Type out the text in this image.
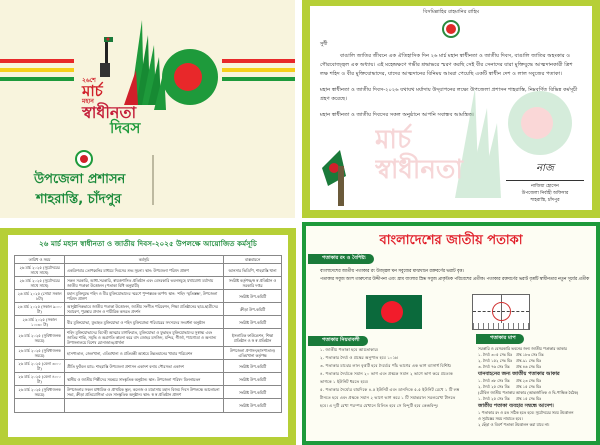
২৬শে
মার্চ
মহান
স্বাধীনতা
দিবস
উপজেলা প্রশাসন
শাহরাস্তি, চাঁদপুর
মার্চ
স্বাধীনতা
বিসমিল্লাহির রাহমানির রাহিম
সুধী

বাঙালি জাতির জীবনে এক ঐতিহাসিক দিন ২৬ মার্চ মহান স্বাধীনতা ও জাতীয় দিবস, বাঙালি জাতির অহংকার ও গৌরবোজ্জ্বল এক অধ্যায়। এই মহেন্দ্রক্ষণে গভীর শ্রদ্ধাভরে স্মরণ করছি সেই বীর সেনাদের যারা মুক্তিযুদ্ধে আত্মদানকারী ত্রিশ লক্ষ শহিদ ও বীর মুক্তিযোদ্ধাদের, যাদের আত্মদানের বিনিময় আমরা পেয়েছি একটি স্বাধীন দেশ ও লাল সবুজের পতাকা।

মহান স্বাধীনতা ও জাতীয় দিবস-২০২৬ যথাযথ মর্যাদায় উদ্‌যাপনের লক্ষ্যে উপজেলা প্রশাসন শাহরাস্তি, নিম্নবর্ণিত বিভিন্ন কর্মসূচী গ্রহণ করেছে।

মহান স্বাধীনতা ও জাতীয় দিবসের সকল অনুষ্ঠানে আপনি সবান্ধব আমন্ত্রিত।

নাজ
নাজিয়া হোসেন
উপজেলা নির্বাহী অফিসার
শাহরাস্তি, চাঁদপুর
২৬ মার্চ মহান স্বাধীনতা ও জাতীয় দিবস-২০২৫ উপলক্ষে আয়োজিত কর্মসূচি
তারিখ ও সময়	কর্মসূচি	বাস্তবায়নে
২৬ মার্চ ২০২৫ (সূর্যোদয়ের সাথে সাথে)	একত্রিশবার তোপধ্বনির মাধ্যমে দিবসের শুভ সূচনা। স্থান: উপজেলা পরিষদ প্রাঙ্গণ	আনসার ভিডিপি, শাহরাস্তি থানা
২৬ মার্চ ২০২৫ (সূর্যোদয়ের সাথে সাথে)	সকল সরকারি, আধা-সরকারি, স্বায়ত্তশাসিত প্রতিষ্ঠান এবং বেসরকারি ভবনসমূহে যথাযোগ্য মর্যাদায় জাতীয় পতাকা উত্তোলন (পতাকা বিধি অনুযায়ী)	সংশ্লিষ্ট কর্তৃপক্ষ/স্ব স্ব প্রতিষ্ঠান ও সরকারি দপ্তর
২৬ মার্চ ২০২৫ (সোয়া সকাল ৮টা)	মহান মুক্তিযুদ্ধে শহিদ ও বীর মুক্তিযোদ্ধাদের স্মরণে পুষ্পস্তবক অর্পণ। স্থান: 'শহিদ স্মৃতিস্তম্ভ', উপজেলা পরিষদ প্রাঙ্গণ	সংশ্লিষ্ট উপ-কমিটি
২৬ মার্চ ২০২৫ (সকাল ৯:০০ টা)	আনুষ্ঠানিকভাবে জাতীয় পতাকা উত্তোলন, জাতীয় সংগীত পরিবেশন, শিক্ষা প্রতিষ্ঠানের ছাত্র-ছাত্রীদের সমাবেশ, পুরস্কার প্রদান ও শারীরিক কসরত প্রদর্শন	ক্রীড়া উপ-কমিটি
২৬ মার্চ ২০২৫ (সকাল ১০:৩০ টা)	বীর মুক্তিযোদ্ধা, যুদ্ধাহত মুক্তিযোদ্ধা ও শহিদ মুক্তিযোদ্ধা পরিবারের সদস্যদের সংবর্ধনা অনুষ্ঠান	সংশ্লিষ্ট উপ-কমিটি
২৬ মার্চ ২০২৫ (সুবিধাজনক সময়ে)	শহিদ মুক্তিযোদ্ধাদের বিদেহী আত্মার মাগফিরাত, মুক্তিযোদ্ধা ও যুদ্ধাহত মুক্তিযোদ্ধাদের সুস্বাস্থ্য এবং জাতির শান্তি, সমৃদ্ধি ও অগ্রগতি কামনা করে বাদ জোহর মসজিদ, মন্দির, গীর্জা, প্যাগোডা ও অন্যান্য উপাসনালয়ে বিশেষ মোনাজাত/প্রার্থনা	ইসলামিক ফাউন্ডেশন, শিক্ষা প্রতিষ্ঠান ও স্ব স্ব প্রতিষ্ঠান
২৬ মার্চ ২০২৫ (সুবিধাজনক সময়ে)	হাসপাতাল, জেলখানা, এতিমখানা ও প্রতিবন্ধী আশ্রমে উন্নতমানের খাবার পরিবেশন	উপজেলা প্রশাসন/হাসপাতাল/এতিমখানা কর্তৃপক্ষ
২৬ মার্চ ২০২৫ (বেলা ৩:০০ টা)	প্রীতি ফুটবল ম্যাচ: শাহরাস্তি উপজেলা প্রশাসন একাদশ বনাম পৌরসভা একাদশ	সংশ্লিষ্ট উপ-কমিটি
২৬ মার্চ ২০২৫ (বেলা ৪:০০ টা)	স্থানীয় ও জাতীয় শিল্পীদের সমন্বয়ে সাংস্কৃতিক অনুষ্ঠান। স্থান: উপজেলা পরিষদ মিলনায়তন	সংশ্লিষ্ট উপ-কমিটি
২৬ মার্চ ২০২৫ (সুবিধাজনক সময়ে)	উপজেলার সকল মাধ্যমিক ও প্রাথমিক স্কুল, কলেজ ও মাদ্রাসায় মহান বিজয় দিবস উপলক্ষে আলোচনা সভা, ক্রীড়া প্রতিযোগিতা এবং সাংস্কৃতিক অনুষ্ঠান। স্থান: স্ব স্ব প্রতিষ্ঠান প্রাঙ্গণ	সংশ্লিষ্ট উপ-কমিটি
		সংশ্লিষ্ট উপ-কমিটি
বাংলাদেশের জাতীয় পতাকা
পতাকার রং ও বৈশিষ্ট্য
বাংলাদেশের জাতীয় পতাকার রং উজ্জ্বল ঘন সবুজের মাঝখানে রক্তবর্ণের ভরাট বৃত্ত।
পতাকার সবুজ অংশ তারুণ্যের উদ্দীপনা এবং গ্রাম বাংলার স্নিগ্ধ সবুজ প্রাকৃতিক পরিবেশের প্রতীক। পতাকার রক্তবর্ণের ভরাট বৃত্তটি স্বাধীনতার নতুন সূর্যের প্রতীক
পতাকার নিয়মাবলী
১. জাতীয় পতাকা হবে আয়তাকার।
২. পতাকার দৈর্ঘ্য ও প্রস্থের অনুপাত হবে ১০:৬।
৩. পতাকার মাঝের লাল বৃত্তটি হবে দৈর্ঘ্যের পাঁচ ভাগের এক ভাগ ব্যাসার্ধ বিশিষ্ট।
৪. পতাকার দৈর্ঘ্যকে সমান ২০ ভাগ এবং প্রস্থকে সমান ২ ভাগে ভাগ করে প্রত্যেক ভাগকে ১ ইউনিট ধরতে হবে।
৫. পতাকার দৈর্ঘ্যের বামদিকে ৪.৫ ইউনিট এবং ডানদিকে ৫.৫ ইউনিট রেখে ১ টি লম্ব টানতে হবে এবং প্রস্থকে সমান ২ ভাগে ভাগ করে ১ টি সমান্তরাল সরলরেখা টানতে হবে। এ দুটি রেখা পরস্পর যেখানে মিলিত হবে সে বিন্দুটি হবে কেন্দ্রবিন্দু।
পতাকার মাপ
সরকারি ও বেসরকারি ভবনের জন্য জাতীয় পতাকার আকার
১. দৈর্ঘ্য ৩০৫ সেঃ মিঃ	প্রস্থ ১৮৩ সেঃ মিঃ
২. দৈর্ঘ্য ১৫২ সেঃ মিঃ	প্রস্থ ৯১ সেঃ মিঃ
৩. দৈর্ঘ্য ৭৬ সেঃ মিঃ	প্রস্থ ৪৬ সেঃ মিঃ
যানবাহনের জন্য জাতীয় পতাকার আকার
১. দৈর্ঘ্য ৩৮ সেঃ মিঃ	প্রস্থ ২৩ সেঃ মিঃ
২. দৈর্ঘ্য ২৫ সেঃ মিঃ	প্রস্থ ১৫ সেঃ মিঃ
(টেবিল জাতীয় পতাকার আকার (আন্তর্জাতিক ও দ্বি-পাক্ষিক বৈঠক)
১. দৈর্ঘ্য ২৫ সেঃ মিঃ	প্রস্থ ১৫ সেঃ মিঃ
জাতীয় পতাকা ব্যবহার সম্বন্ধে আদেশ।
১ পতাকার রং ও রঙ সঠিক হতে হবে। সূর্যোদয়ের সময় উত্তোলন
ও সূর্যাস্তের সময় নামাতে হবে।
২ ছেঁড়া ও বিবর্ণ পতাকা উত্তোলন করা যাবে না।
